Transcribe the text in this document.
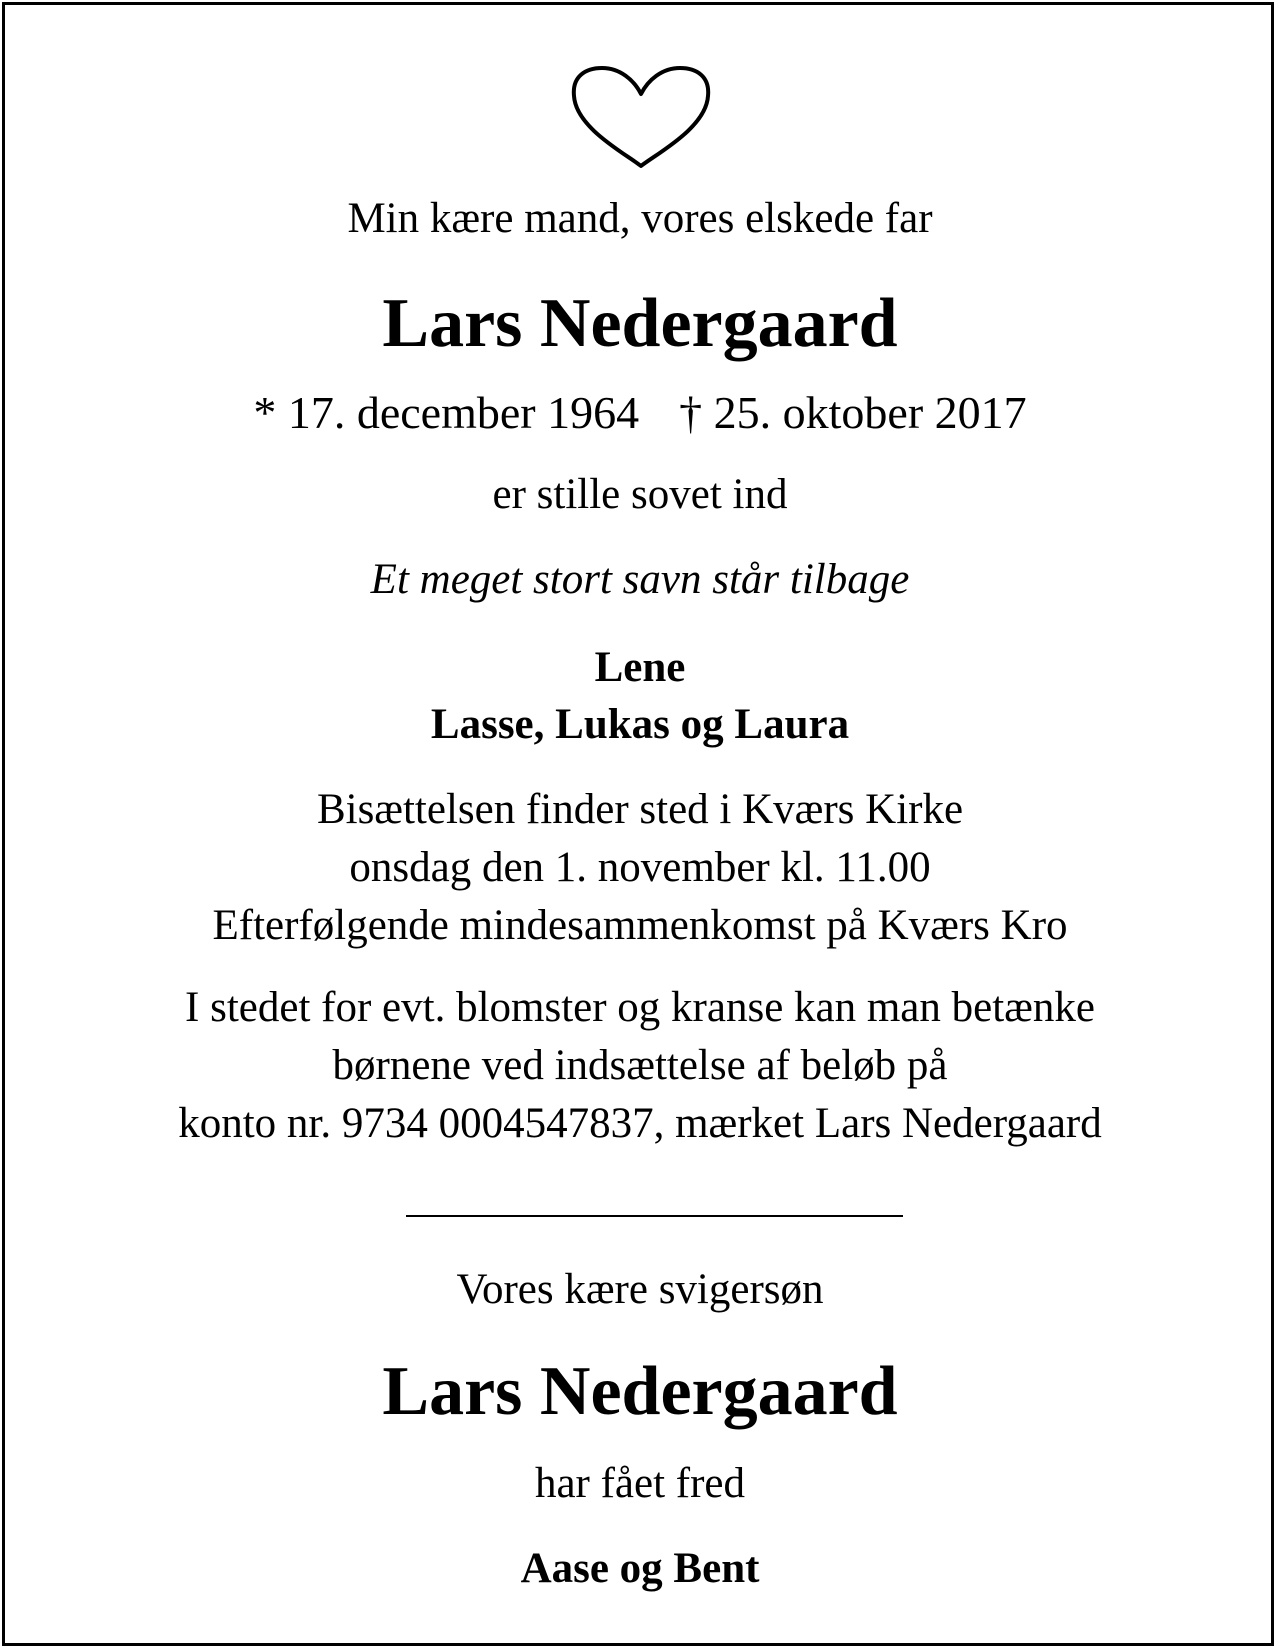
Min kære mand, vores elskede far
Lars Nedergaard
* 17. december 1964 † 25. oktober 2017
er stille sovet ind
Et meget stort savn står tilbage
Lene
Lasse, Lukas og Laura
Bisættelsen finder sted i Kværs Kirke
onsdag den 1. november kl. 11.00
Efterfølgende mindesammenkomst på Kværs Kro
I stedet for evt. blomster og kranse kan man betænke
børnene ved indsættelse af beløb på
konto nr. 9734 0004547837, mærket Lars Nedergaard
Vores kære svigersøn
Lars Nedergaard
har fået fred
Aase og Bent
